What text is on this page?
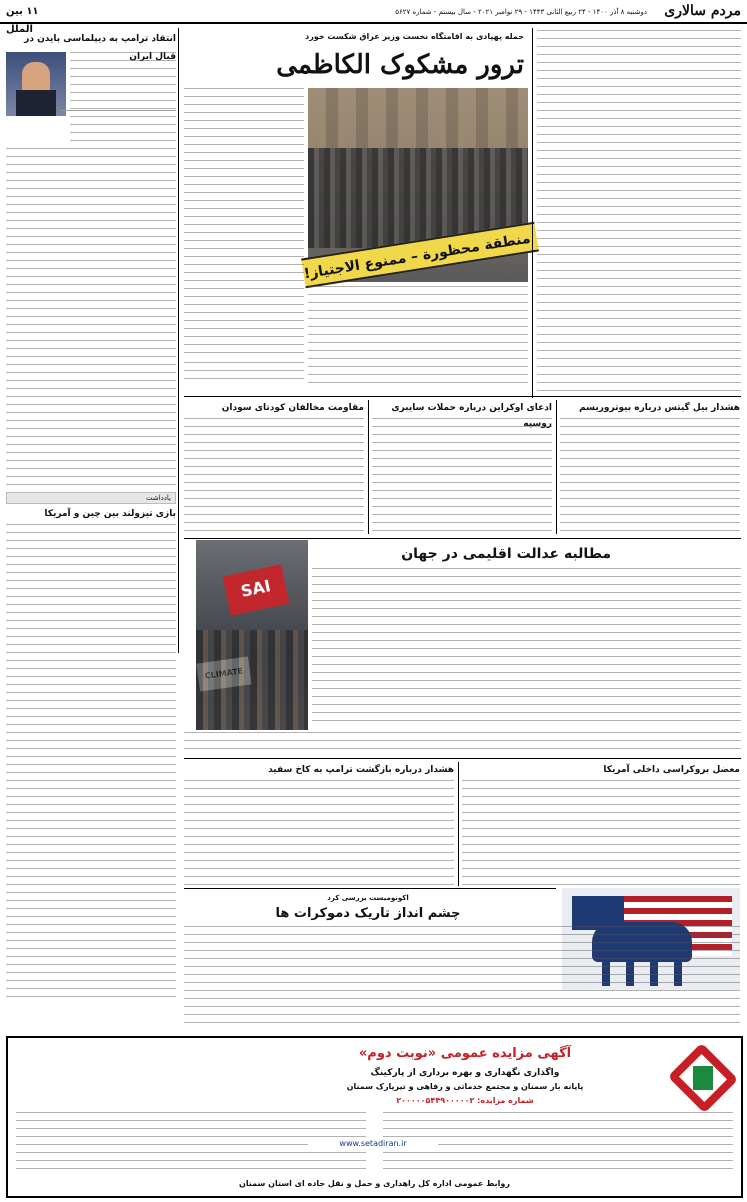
مردم سالاری
دوشنبه ۸ آذر ۱۴۰۰ - ۲۴ ربیع الثانی ۱۴۴۳ - ۲۹ نوامبر ۲۰۲۱ - سال بیستم - شماره ۵۶۲۷
۱۱ بین الملل
انتقاد ترامپ به دیپلماسی بایدن در قبال ایران
یادداشت
بازی تیزولند بین چین و آمریکا
حمله پهپادی به اقامتگاه نخست وزیر عراق شکست خورد
ترور مشکوک الکاظمی
منطقة محظورة – ممنوع الاجتياز!
هشدار بیل گیتس درباره بیوتروریسم
ادعای اوکراین درباره حملات سایبری روسیه
مقاومت مخالفان کودتای سودان
مطالبه عدالت اقلیمی در جهان
SAI
معضل بروکراسی داخلی آمریکا
هشدار درباره بازگشت ترامپ به کاخ سفید
اکونومیست بررسی کرد
چشم انداز تاریک دموکرات ها
آگهی مزایده عمومی «نوبت دوم»
واگذاری نگهداری و بهره برداری از پارکینگ
پایانه بار سمنان و مجتمع خدماتی و رفاهی و تیرپارک سمنان
شماره مزایده: ۲۰۰۰۰۰۵۴۴۹۰۰۰۰۰۲
www.setadiran.ir
روابط عمومی اداره کل راهداری و حمل و نقل جاده ای استان سمنان
